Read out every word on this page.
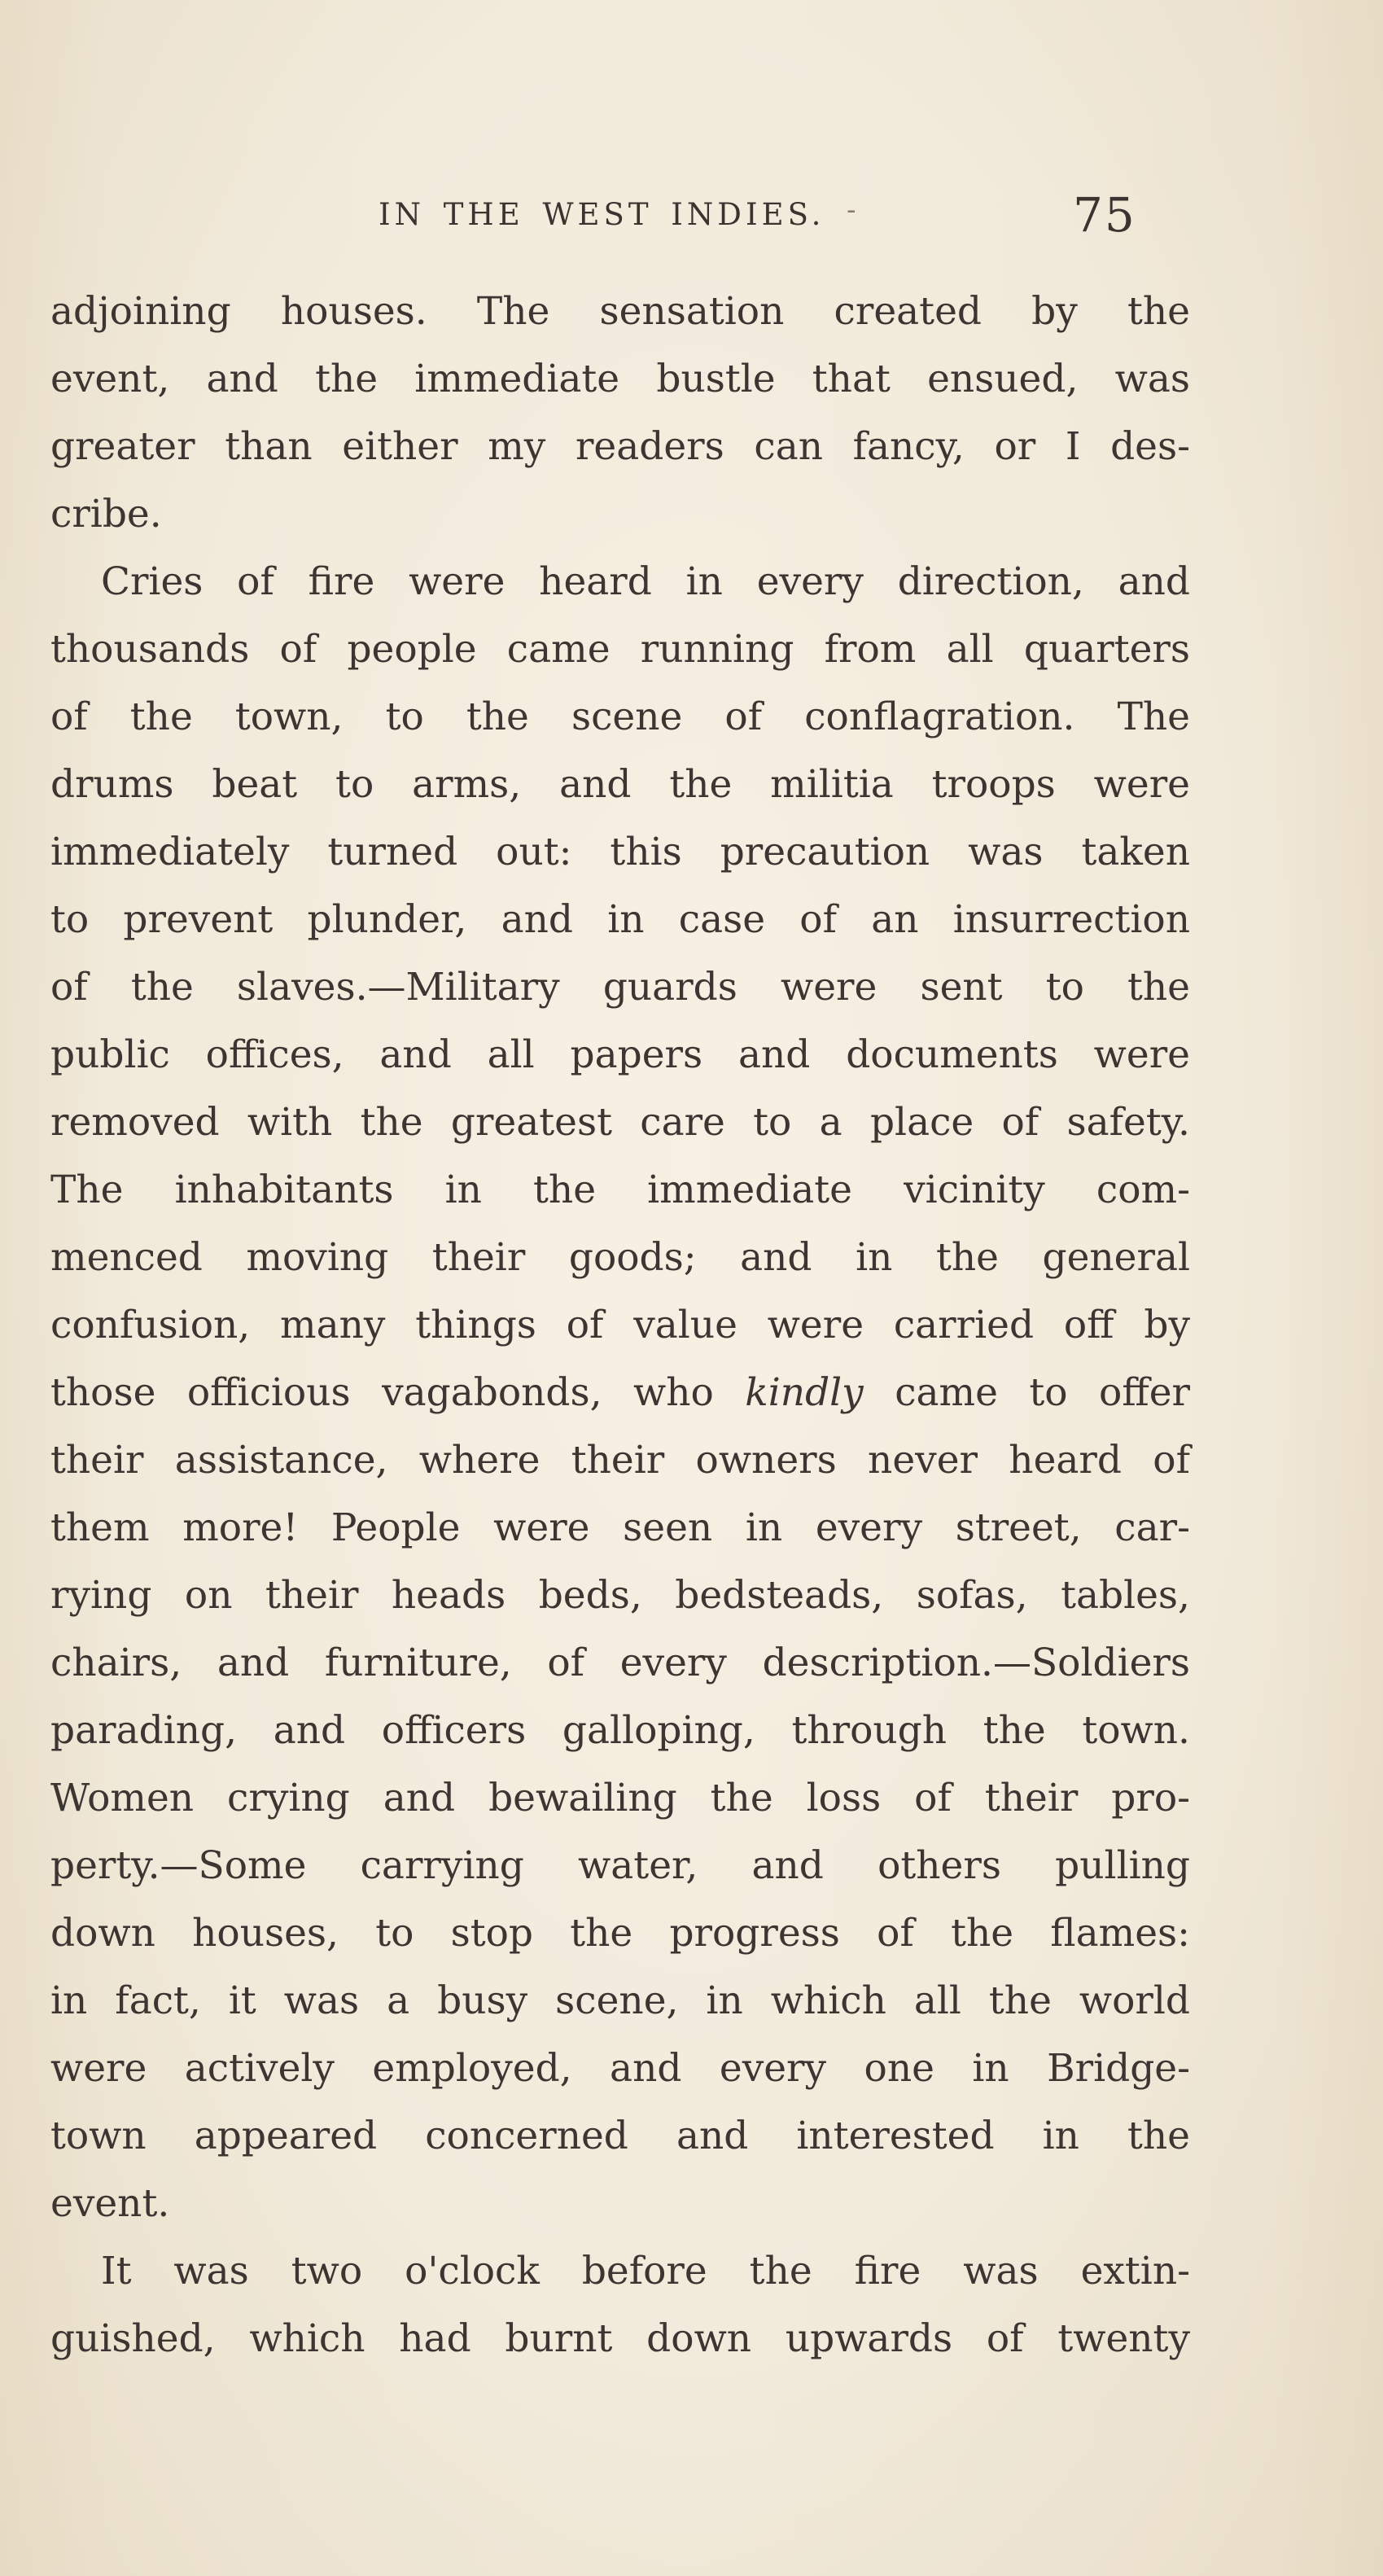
IN THE WEST INDIES. -	75
adjoining houses. The sensation created by the
event, and the immediate bustle that ensued, was
greater than either my readers can fancy, or I des-
cribe.
Cries of fire were heard in every direction, and
thousands of people came running from all quarters
of the town, to the scene of conflagration. The
drums beat to arms, and the militia troops were
immediately turned out: this precaution was taken
to prevent plunder, and in case of an insurrection
of the slaves.—Military guards were sent to the
public offices, and all papers and documents were
removed with the greatest care to a place of safety.
The inhabitants in the immediate vicinity com-
menced moving their goods; and in the general
confusion, many things of value were carried off by
those officious vagabonds, who kindly came to offer
their assistance, where their owners never heard of
them more! People were seen in every street, car-
rying on their heads beds, bedsteads, sofas, tables,
chairs, and furniture, of every description.—Soldiers
parading, and officers galloping, through the town.
Women crying and bewailing the loss of their pro-
perty.—Some carrying water, and others pulling
down houses, to stop the progress of the flames:
in fact, it was a busy scene, in which all the world
were actively employed, and every one in Bridge-
town appeared concerned and interested in the
event.
It was two o'clock before the fire was extin-
guished, which had burnt down upwards of twenty
